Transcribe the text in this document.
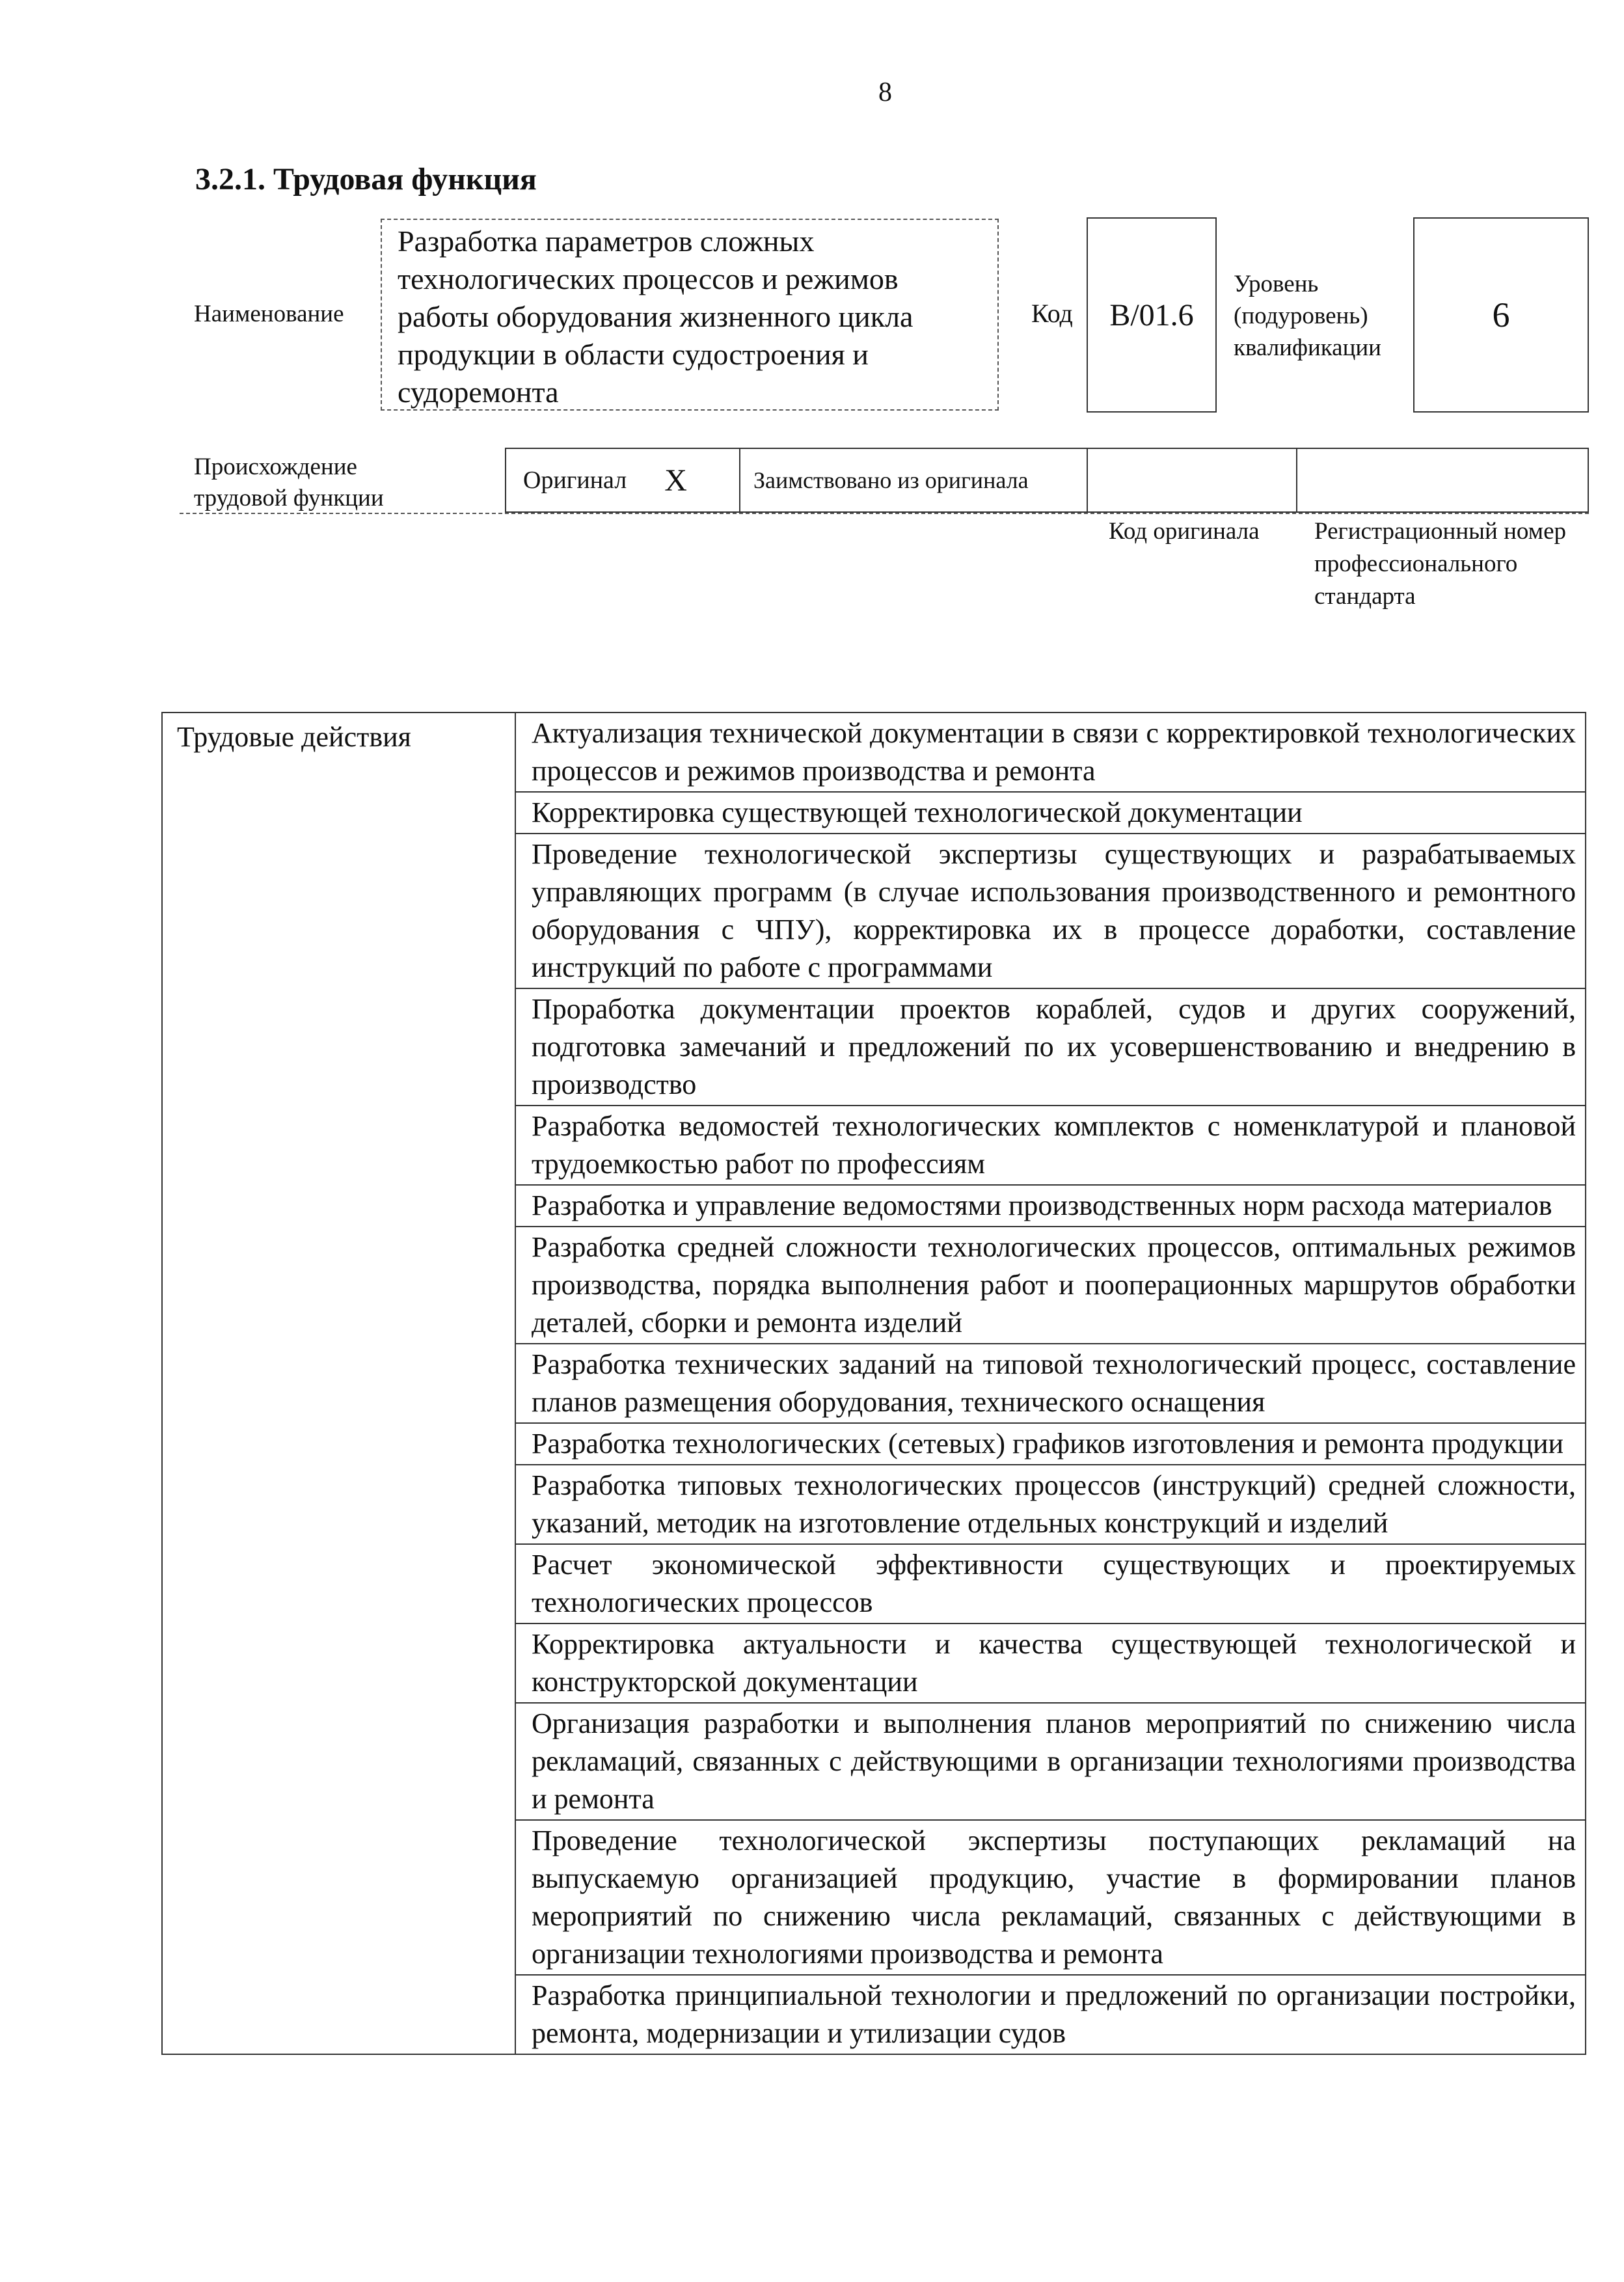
8
3.2.1. Трудовая функция
Наименование
Разработка параметров сложных технологических процессов и режимов работы оборудования жизненного цикла продукции в области судостроения и судоремонта
Код	B/01.6
Уровень (подуровень) квалификации
6
Происхождение трудовой функции
Оригинал X	Заимствовано из оригинала
Код оригинала Регистрационный номер профессионального стандарта
Трудовые действия	Актуализация технической документации в связи с корректировкой технологических процессов и режимов производства и ремонта
Корректировка существующей технологической документации
Проведение технологической экспертизы существующих и разрабатываемых управляющих программ (в случае использования производственного и ремонтного оборудования с ЧПУ), корректировка их в процессе доработки, составление инструкций по работе с программами
Проработка документации проектов кораблей, судов и других сооружений, подготовка замечаний и предложений по их усовершенствованию и внедрению в производство
Разработка ведомостей технологических комплектов с номенклатурой и плановой трудоемкостью работ по профессиям
Разработка и управление ведомостями производственных норм расхода материалов
Разработка средней сложности технологических процессов, оптимальных режимов производства, порядка выполнения работ и пооперационных маршрутов обработки деталей, сборки и ремонта изделий
Разработка технических заданий на типовой технологический процесс, составление планов размещения оборудования, технического оснащения
Разработка технологических (сетевых) графиков изготовления и ремонта продукции
Разработка типовых технологических процессов (инструкций) средней сложности, указаний, методик на изготовление отдельных конструкций и изделий
Расчет экономической эффективности существующих и проектируемых технологических процессов
Корректировка актуальности и качества существующей технологической и конструкторской документации
Организация разработки и выполнения планов мероприятий по снижению числа рекламаций, связанных с действующими в организации технологиями производства и ремонта
Проведение технологической экспертизы поступающих рекламаций на выпускаемую организацией продукцию, участие в формировании планов мероприятий по снижению числа рекламаций, связанных с действующими в организации технологиями производства и ремонта
Разработка принципиальной технологии и предложений по организации постройки, ремонта, модернизации и утилизации судов
